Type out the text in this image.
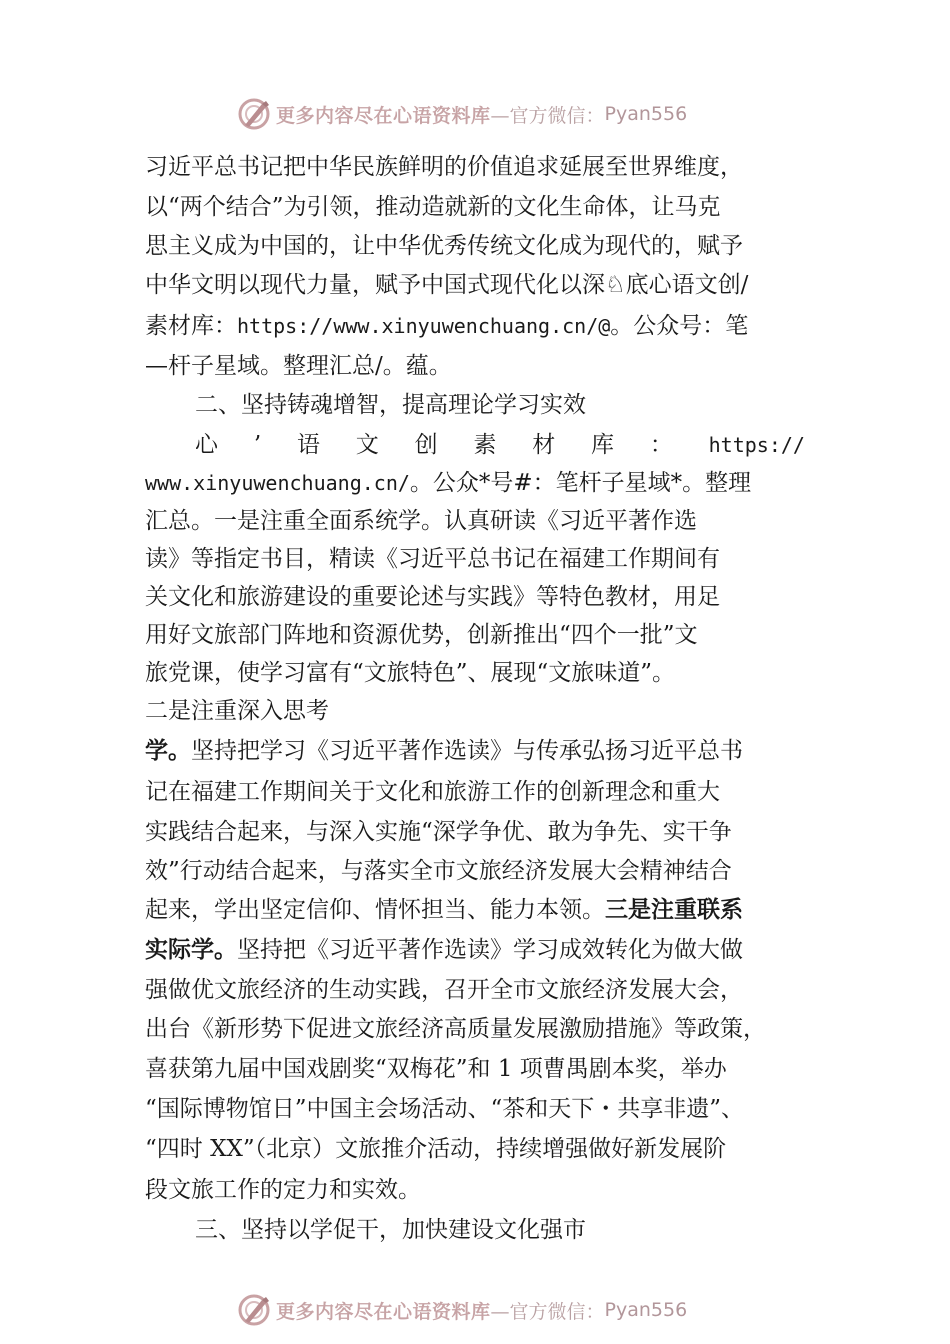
更多内容尽在心语资料库 —官方微信： Pyan556
习近平总书记把中华民族鲜明的价值追求延展至世界维度，
以“两个结合”为引领，推动造就新的文化生命体，让马克
思主义成为中国的，让中华优秀传统文化成为现代的，赋予
中华文明以现代力量，赋予中国式现代化以深♘底心语文创/
素材库：https://www.xinyuwenchuang.cn/@。公众号：笔
—杆子星域。整理汇总/。蕴。
二、坚持铸魂增智，提高理论学习实效
心 ’ 语 文 创 素 材 库 ： https://
www.xinyuwenchuang.cn/。公众*号#：笔杆子星域*。整理
汇总。一是注重全面系统学。认真研读《习近平著作选
读》等指定书目，精读《习近平总书记在福建工作期间有
关文化和旅游建设的重要论述与实践》等特色教材，用足
用好文旅部门阵地和资源优势，创新推出“四个一批”文
旅党课，使学习富有“文旅特色”、展现“文旅味道”。
二是注重深入思考
学。坚持把学习《习近平著作选读》与传承弘扬习近平总书
记在福建工作期间关于文化和旅游工作的创新理念和重大
实践结合起来，与深入实施“深学争优、敢为争先、实干争
效”行动结合起来，与落实全市文旅经济发展大会精神结合
起来，学出坚定信仰、情怀担当、能力本领。三是注重联系
实际学。坚持把《习近平著作选读》学习成效转化为做大做
强做优文旅经济的生动实践，召开全市文旅经济发展大会，
出台《新形势下促进文旅经济高质量发展激励措施》等政策，
喜获第九届中国戏剧奖“双梅花”和 1 项曹禺剧本奖，举办
“国际博物馆日”中国主会场活动、“茶和天下・共享非遗”、
“四时 XX”（北京）文旅推介活动，持续增强做好新发展阶
段文旅工作的定力和实效。
三、坚持以学促干，加快建设文化强市
更多内容尽在心语资料库 —官方微信： Pyan556
